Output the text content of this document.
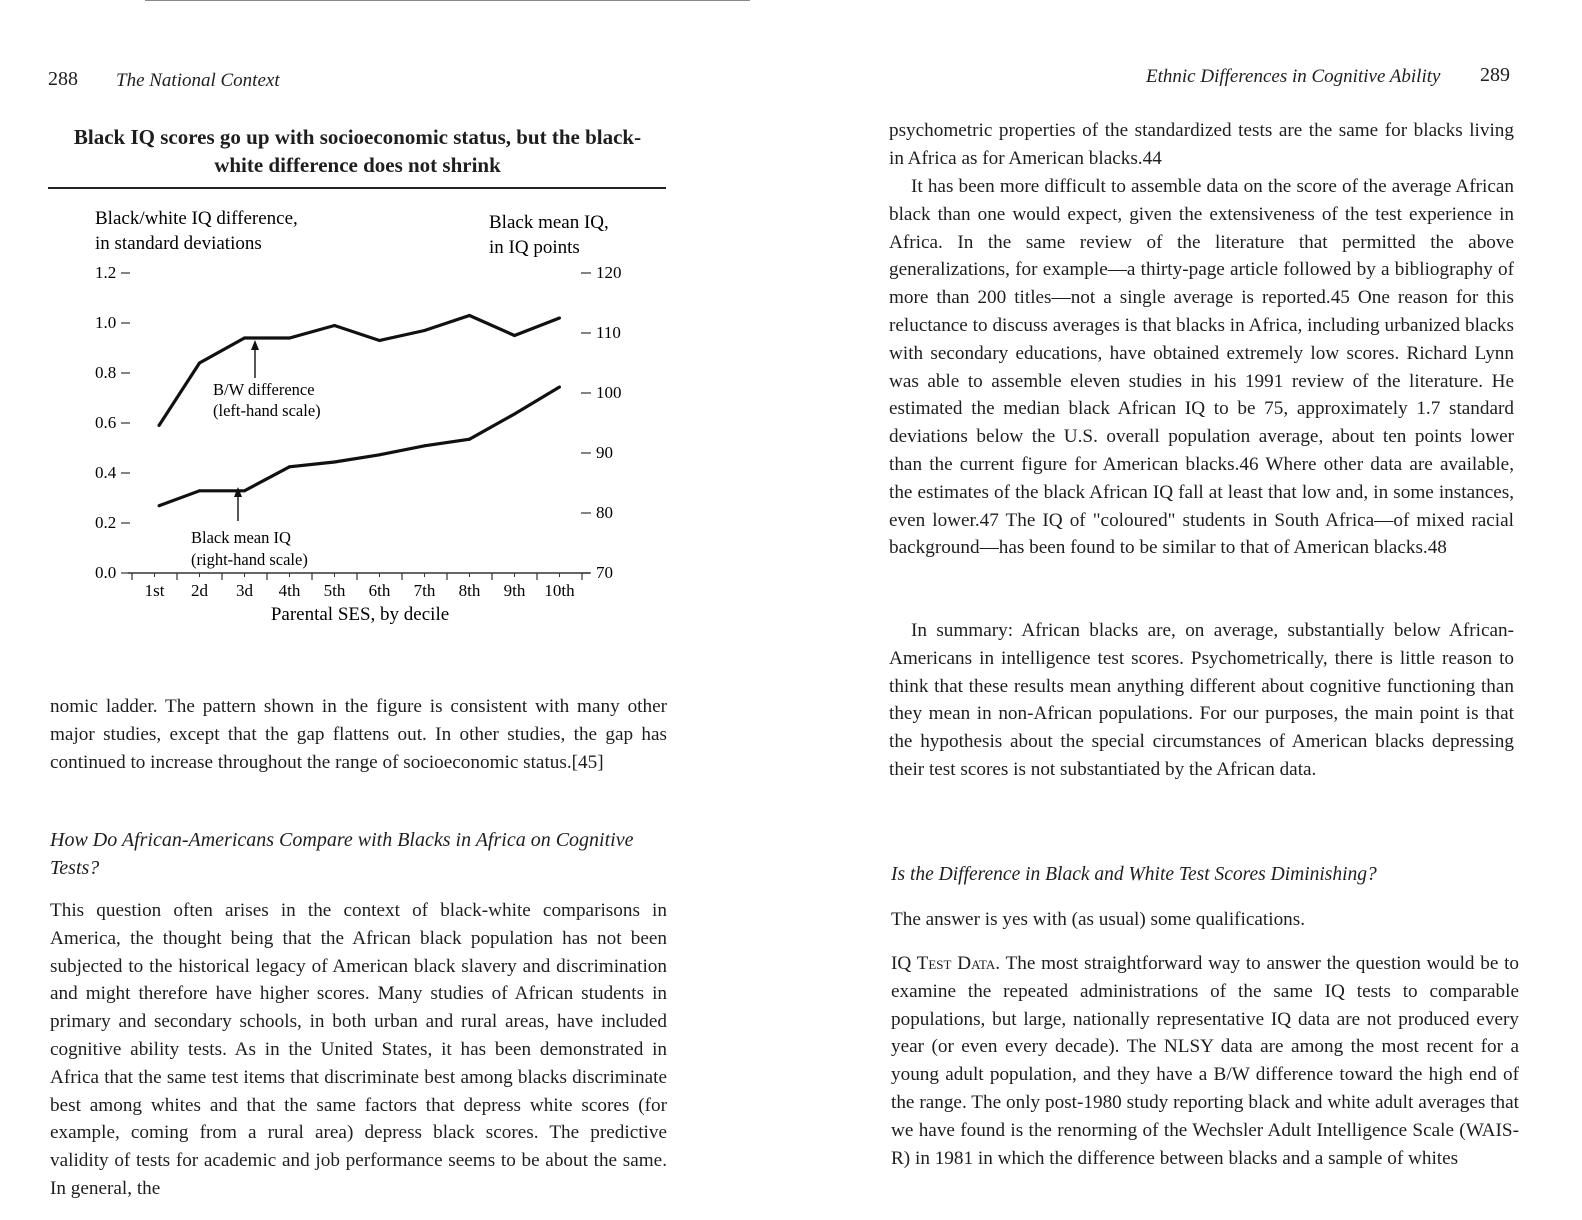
288 The National Context
Black IQ scores go up with socioeconomic status, but the black-white difference does not shrink
Black/white IQ difference,
in standard deviations
Black mean IQ,
in IQ points
0.0
0.2
0.4
0.6
0.8
1.0
1.2
70
80
90
100
110
120
1st 2d 3d 4th 5th 6th 7th 8th 9th 10th
Parental SES, by decile
B/W difference
(left-hand scale)
Black mean IQ
(right-hand scale)

nomic ladder. The pattern shown in the figure is consistent with many other major studies, except that the gap flattens out. In other studies, the gap has continued to increase throughout the range of socioeconomic status.[45]

How Do African-Americans Compare with Blacks in Africa on Cognitive Tests?

This question often arises in the context of black-white comparisons in America, the thought being that the African black population has not been subjected to the historical legacy of American black slavery and discrimination and might therefore have higher scores. Many studies of African students in primary and secondary schools, in both urban and rural areas, have included cognitive ability tests. As in the United States, it has been demonstrated in Africa that the same test items that discriminate best among blacks discriminate best among whites and that the same factors that depress white scores (for example, coming from a rural area) depress black scores. The predictive validity of tests for academic and job performance seems to be about the same. In general, the

Ethnic Differences in Cognitive Ability 289

psychometric properties of the standardized tests are the same for blacks living in Africa as for American blacks.44

It has been more difficult to assemble data on the score of the average African black than one would expect, given the extensiveness of the test experience in Africa. In the same review of the literature that permitted the above generalizations, for example—a thirty-page article followed by a bibliography of more than 200 titles—not a single average is reported.45 One reason for this reluctance to discuss averages is that blacks in Africa, including urbanized blacks with secondary educations, have obtained extremely low scores. Richard Lynn was able to assemble eleven studies in his 1991 review of the literature. He estimated the median black African IQ to be 75, approximately 1.7 standard deviations below the U.S. overall population average, about ten points lower than the current figure for American blacks.46 Where other data are available, the estimates of the black African IQ fall at least that low and, in some instances, even lower.47 The IQ of "coloured" students in South Africa—of mixed racial background—has been found to be similar to that of American blacks.48

In summary: African blacks are, on average, substantially below African-Americans in intelligence test scores. Psychometrically, there is little reason to think that these results mean anything different about cognitive functioning than they mean in non-African populations. For our purposes, the main point is that the hypothesis about the special circumstances of American blacks depressing their test scores is not substantiated by the African data.

Is the Difference in Black and White Test Scores Diminishing?

The answer is yes with (as usual) some qualifications.

IQ Test Data. The most straightforward way to answer the question would be to examine the repeated administrations of the same IQ tests to comparable populations, but large, nationally representative IQ data are not produced every year (or even every decade). The NLSY data are among the most recent for a young adult population, and they have a B/W difference toward the high end of the range. The only post-1980 study reporting black and white adult averages that we have found is the renorming of the Wechsler Adult Intelligence Scale (WAIS-R) in 1981 in which the difference between blacks and a sample of whites
